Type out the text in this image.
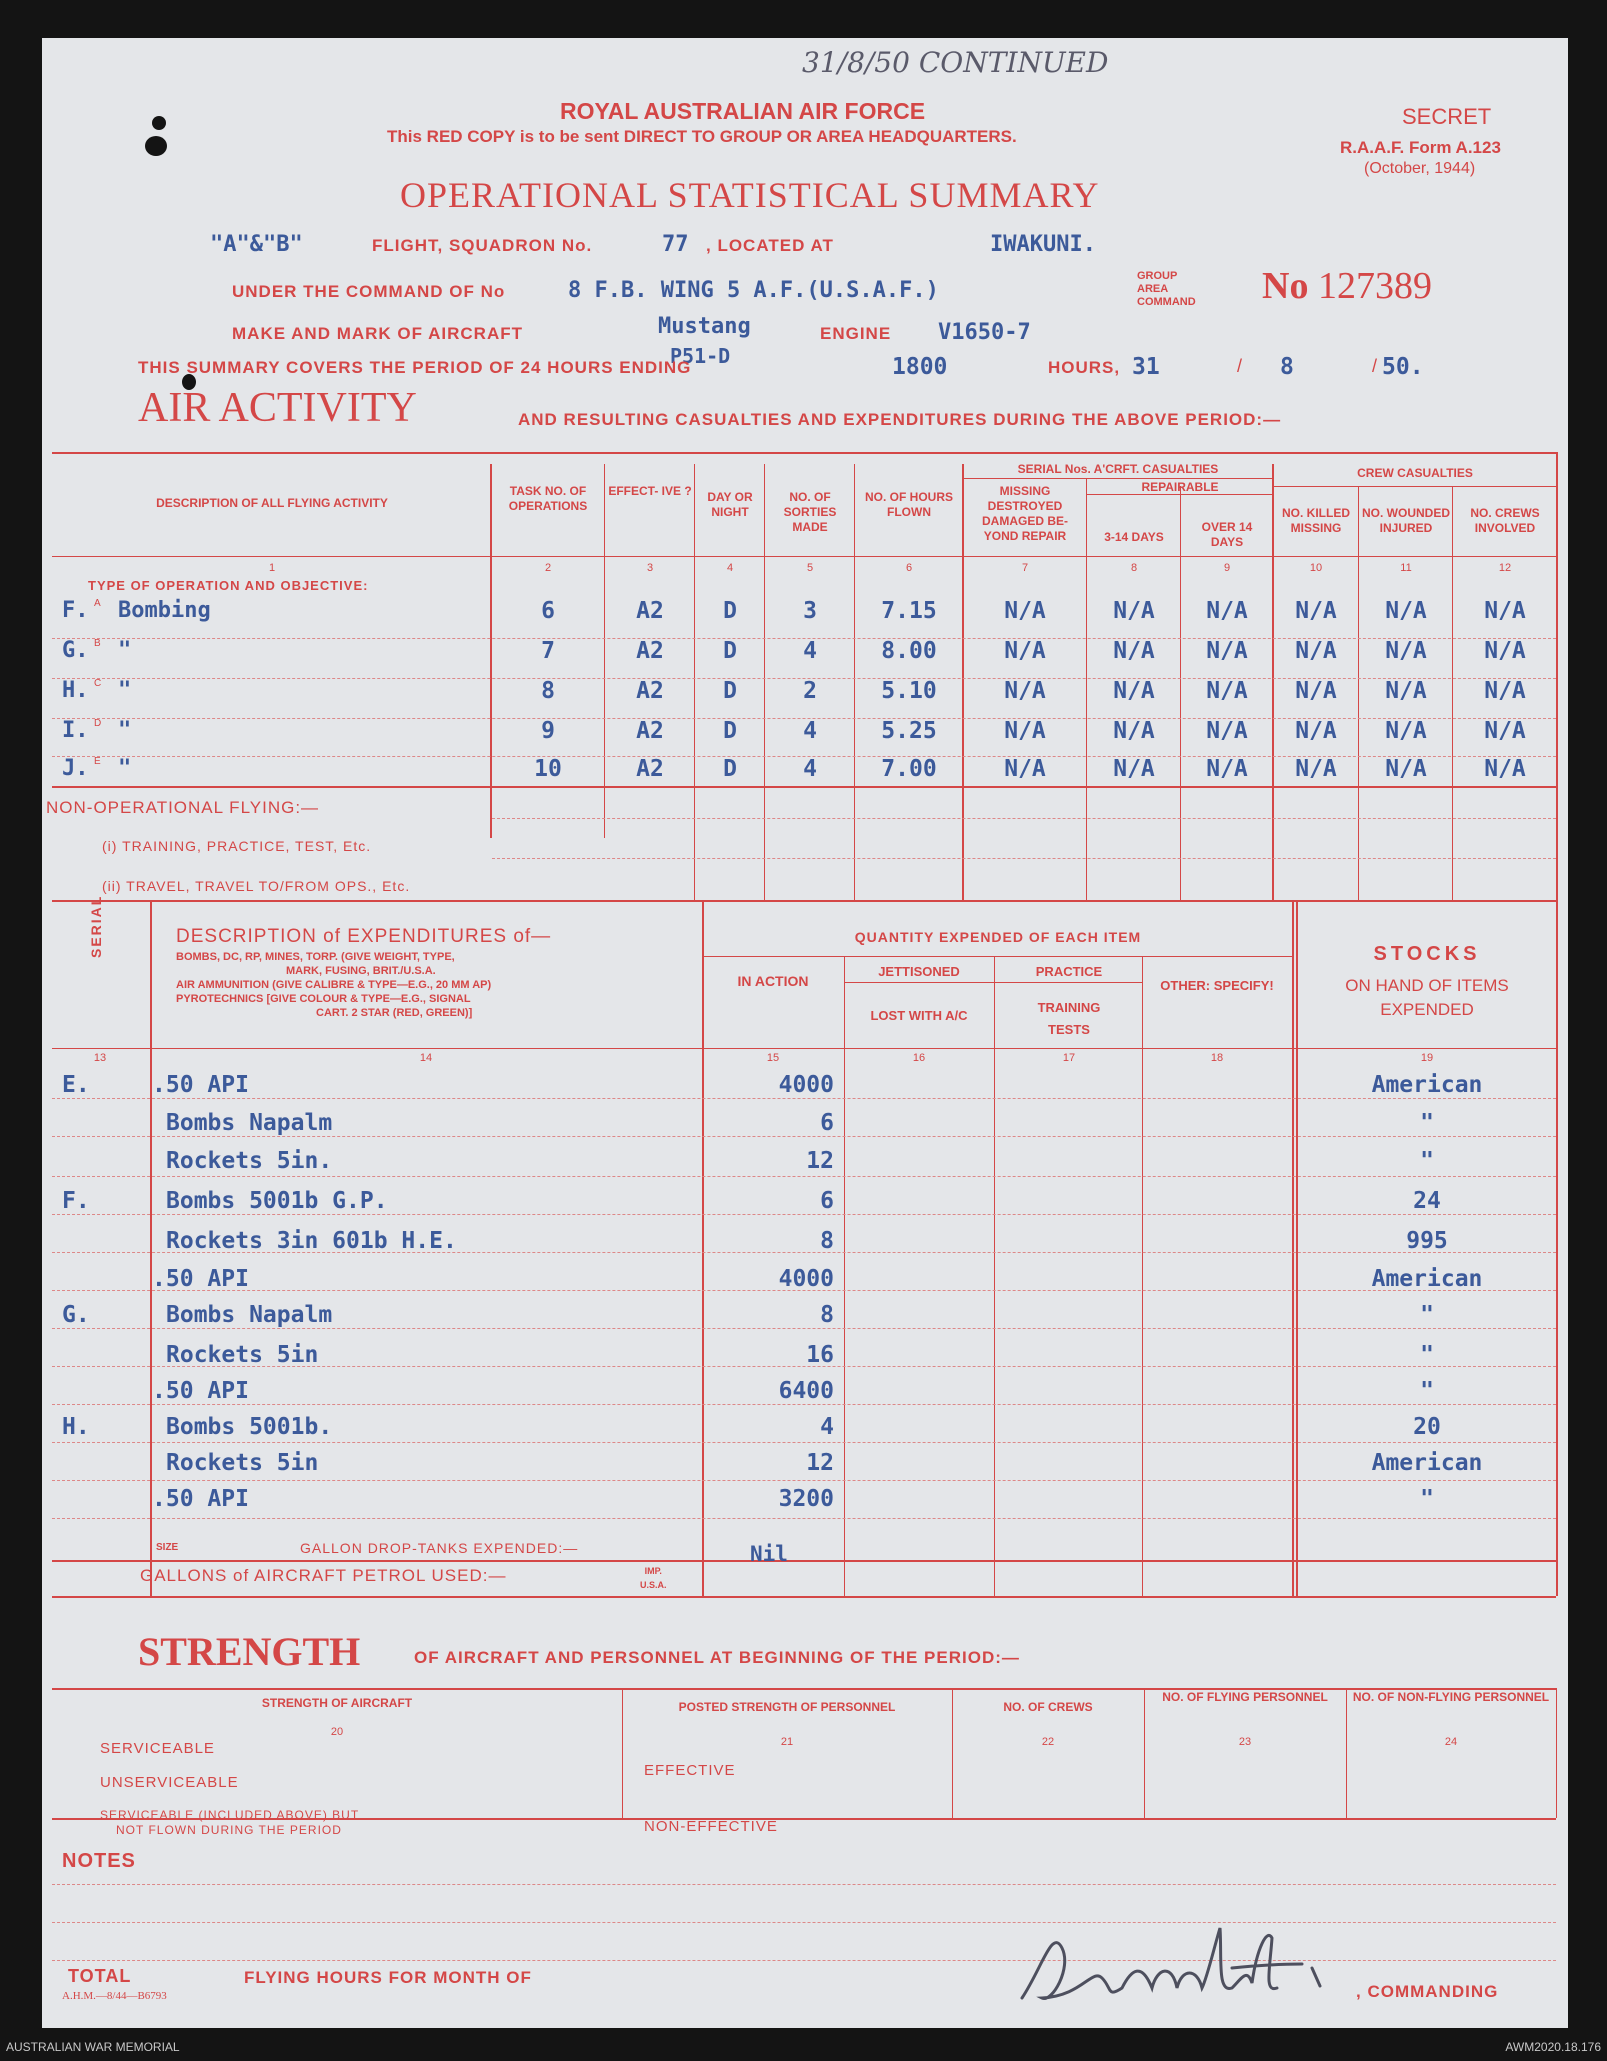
31/8/50 CONTINUED
ROYAL AUSTRALIAN AIR FORCE
This RED COPY is to be sent DIRECT TO GROUP OR AREA HEADQUARTERS.
SECRET
R.A.A.F. Form A.123
(October, 1944)
OPERATIONAL STATISTICAL SUMMARY
"A"&"B"	FLIGHT, SQUADRON No.	77 , LOCATED AT	IWAKUNI.
UNDER THE COMMAND OF No	8 F.B. WING 5 A.F.(U.S.A.F.)
GROUP
AREA
COMMAND No 127389
MAKE AND MARK OF AIRCRAFT	Mustang	ENGINE V1650-7
P51-D
THIS SUMMARY COVERS THE PERIOD OF 24 HOURS ENDING	1800	HOURS, 31	/ 8	/ 50.
AIR ACTIVITY	AND RESULTING CASUALTIES AND EXPENDITURES DURING THE ABOVE PERIOD:—
DESCRIPTION OF ALL FLYING ACTIVITY
TASK NO. OF OPERATIONS
EFFECT- IVE ?	DAY OR NIGHT
NO. OF SORTIES MADE
NO. OF HOURS FLOWN
SERIAL Nos. A'CRFT. CASUALTIES
MISSING DESTROYED DAMAGED BE- YOND REPAIR
REPAIRABLE
3-14 DAYS
OVER 14 DAYS
CREW CASUALTIES
NO. KILLED MISSING
NO. WOUNDED INJURED
NO. CREWS INVOLVED
1	2	3	4	5	6	7	8	9	10	11	12
TYPE OF OPERATION AND OBJECTIVE:
NON-OPERATIONAL FLYING:—
(i) TRAINING, PRACTICE, TEST, Etc.
(ii) TRAVEL, TRAVEL TO/FROM OPS., Etc.
SERIAL	DESCRIPTION of EXPENDITURES of—
BOMBS, DC, RP, MINES, TORP. (GIVE WEIGHT, TYPE,
MARK, FUSING, BRIT./U.S.A.
AIR AMMUNITION (GIVE CALIBRE & TYPE—E.G., 20 MM AP)
PYROTECHNICS [GIVE COLOUR & TYPE—E.G., SIGNAL
CART. 2 STAR (RED, GREEN)]
QUANTITY EXPENDED OF EACH ITEM
IN ACTION
JETTISONED
LOST WITH A/C
PRACTICE
TRAINING
TESTS
OTHER: SPECIFY!
STOCKS
ON HAND OF ITEMS EXPENDED
13	14	15	16	17	18	19
SIZE	GALLON DROP-TANKS EXPENDED:—	Nil
GALLONS of AIRCRAFT PETROL USED:—	IMP.
U.S.A.
STRENGTH	OF AIRCRAFT AND PERSONNEL AT BEGINNING OF THE PERIOD:—
STRENGTH OF AIRCRAFT	POSTED STRENGTH OF PERSONNEL	NO. OF CREWS
NO. OF FLYING PERSONNEL	NO. OF NON-FLYING PERSONNEL
20
21	22	23	24
SERVICEABLE
UNSERVICEABLE
SERVICEABLE (INCLUDED ABOVE) BUT
NOT FLOWN DURING THE PERIOD
EFFECTIVE
NON-EFFECTIVE
NOTES
TOTAL	FLYING HOURS FOR MONTH OF
, COMMANDING
A.H.M.—8/44—B6793
F. A Bombing	6	A2	D	3	7.15	N/A	N/A	N/A	N/A	N/A	N/A
G. B "	7	A2	D	4	8.00	N/A	N/A	N/A	N/A	N/A	N/A
H. C "	8	A2	D	2	5.10	N/A	N/A	N/A	N/A	N/A	N/A
I. D "	9	A2	D	4	5.25	N/A	N/A	N/A	N/A	N/A	N/A
J. E "	10	A2	D	4	7.00	N/A	N/A	N/A	N/A	N/A	N/A
E.	.50 API	4000	American
Bombs Napalm	6	"
Rockets 5in.	12	"
F.	Bombs 5001b G.P.	6	24
Rockets 3in 601b H.E.	8	995
.50 API	4000	American
G.	Bombs Napalm	8	"
Rockets 5in	16	"
.50 API	6400	"
H.	Bombs 5001b.	4	20
Rockets 5in	12	American
.50 API	3200	"
AUSTRALIAN WAR MEMORIAL	AWM2020.18.176
